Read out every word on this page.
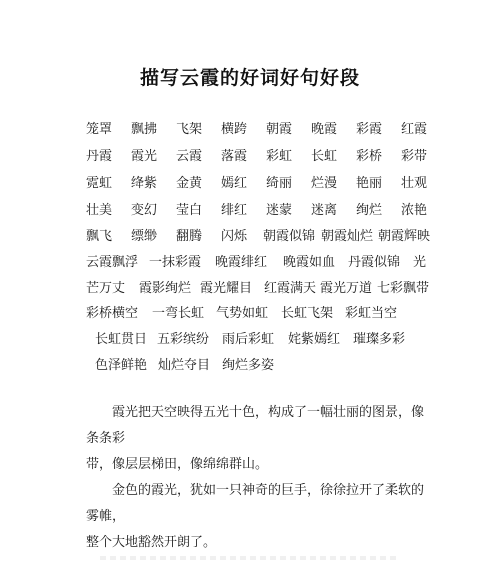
描写云霞的好词好句好段
笼罩 飘拂 飞架 横跨 朝霞 晚霞 彩霞 红霞
丹霞 霞光 云霞 落霞 彩虹 长虹 彩桥 彩带
霓虹 绛紫 金黄 嫣红 绮丽 烂漫 艳丽 壮观
壮美 变幻 莹白 绯红 迷蒙 迷离 绚烂 浓艳
飘飞 缥缈 翻腾 闪烁 朝霞似锦 朝霞灿烂 朝霞辉映
云霞飘浮 一抹彩霞 晚霞绯红 晚霞如血 丹霞似锦 光
芒万丈 霞影绚烂 霞光耀目 红霞满天 霞光万道 七彩飘带
彩桥横空 一弯长虹 气势如虹 长虹飞架 彩虹当空
长虹贯日 五彩缤纷 雨后彩虹 姹紫嫣红 璀璨多彩
色泽鲜艳 灿烂夺目 绚烂多姿
霞光把天空映得五光十色，构成了一幅壮丽的图景，像条条彩
带，像层层梯田，像绵绵群山。
金色的霞光，犹如一只神奇的巨手，徐徐拉开了柔软的雾帷，
整个大地豁然开朗了。
